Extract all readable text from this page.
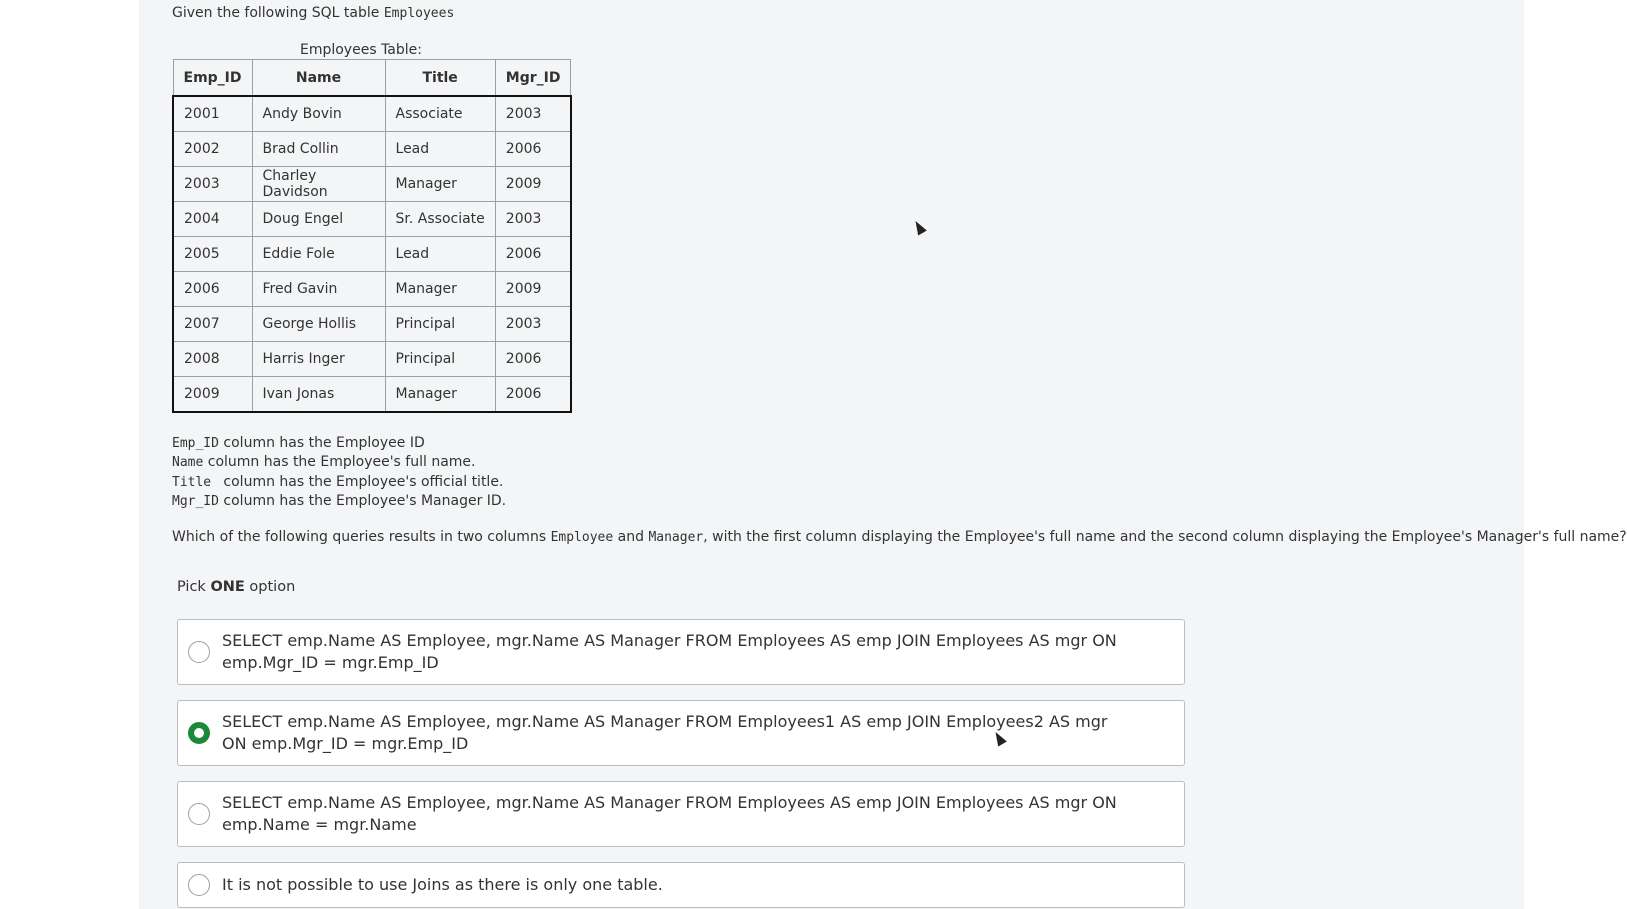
Given the following SQL table Employees
Employees Table:
Emp_ID	Name	Title	Mgr_ID
2001	Andy Bovin	Associate	2003
2002	Brad Collin	Lead	2006
2003	Charley Davidson	Manager	2009
2004	Doug Engel	Sr. Associate	2003
2005	Eddie Fole	Lead	2006
2006	Fred Gavin	Manager	2009
2007	George Hollis	Principal	2003
2008	Harris Inger	Principal	2006
2009	Ivan Jonas	Manager	2006
Emp_ID column has the Employee ID
Name column has the Employee's full name.
Title  column has the Employee's official title.
Mgr_ID column has the Employee's Manager ID.
Which of the following queries results in two columns Employee and Manager, with the first column displaying the Employee's full name and the second column displaying the Employee's Manager's full name?
Pick ONE option
SELECT emp.Name AS Employee, mgr.Name AS Manager FROM Employees AS emp JOIN Employees AS mgr ON emp.Mgr_ID = mgr.Emp_ID
SELECT emp.Name AS Employee, mgr.Name AS Manager FROM Employees1 AS emp JOIN Employees2 AS mgr ON emp.Mgr_ID = mgr.Emp_ID
SELECT emp.Name AS Employee, mgr.Name AS Manager FROM Employees AS emp JOIN Employees AS mgr ON emp.Name = mgr.Name
It is not possible to use Joins as there is only one table.
